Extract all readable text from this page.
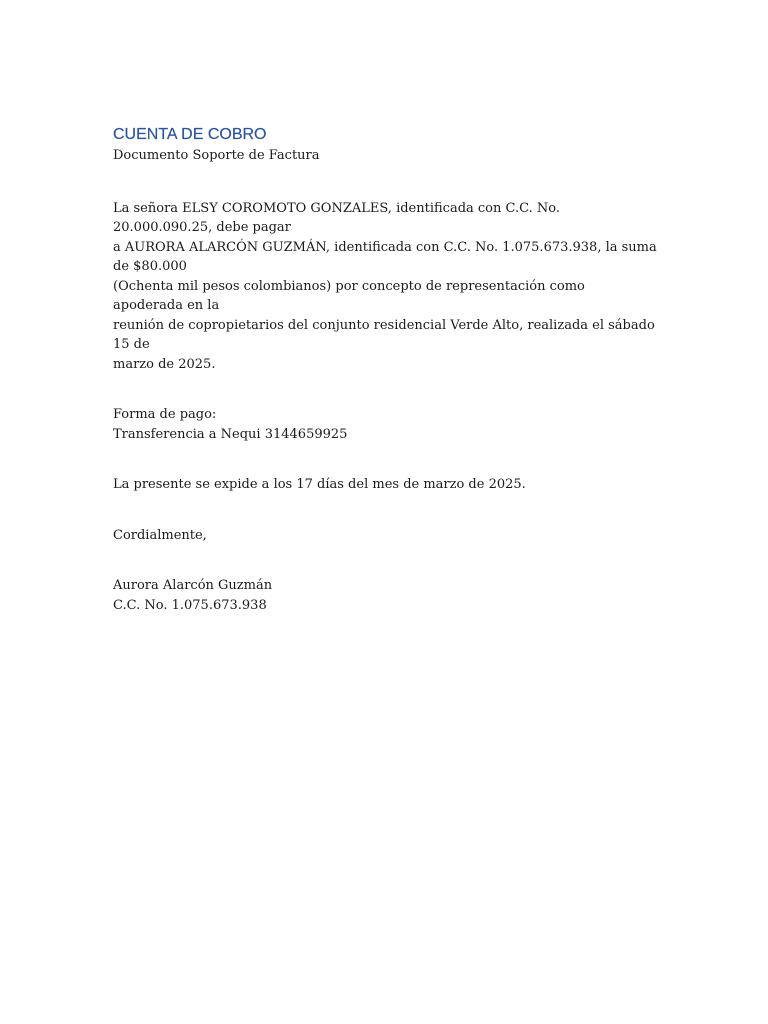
CUENTA DE COBRO

Documento Soporte de Factura

La señora ELSY COROMOTO GONZALES, identificada con C.C. No. 20.000.090.25, debe pagar
a AURORA ALARCÓN GUZMÁN, identificada con C.C. No. 1.075.673.938, la suma de $80.000
(Ochenta mil pesos colombianos) por concepto de representación como apoderada en la
reunión de copropietarios del conjunto residencial Verde Alto, realizada el sábado 15 de
marzo de 2025.

Forma de pago:
Transferencia a Nequi 3144659925

La presente se expide a los 17 días del mes de marzo de 2025.

Cordialmente,

Aurora Alarcón Guzmán
C.C. No. 1.075.673.938
